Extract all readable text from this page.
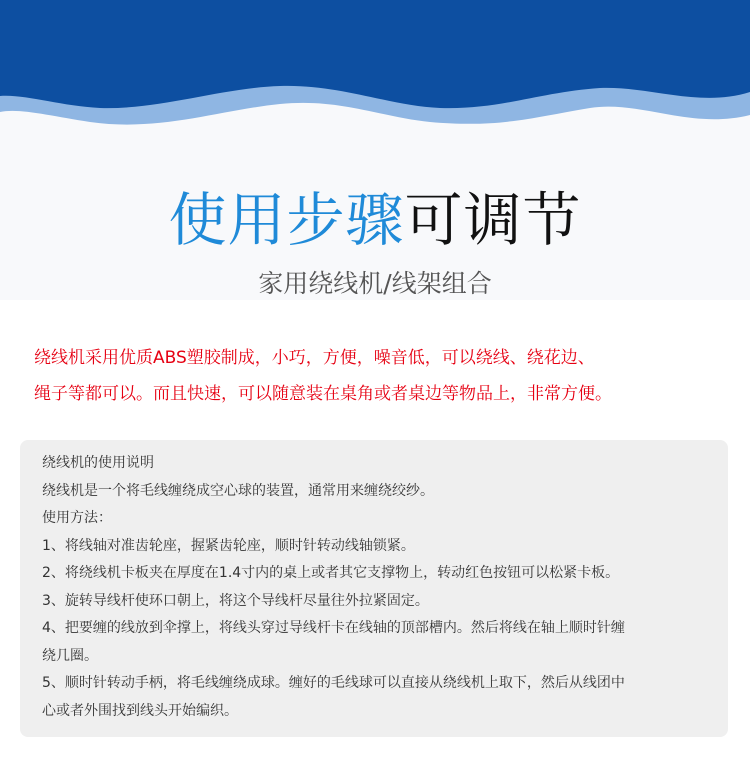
使用步骤可调节
家用绕线机/线架组合

绕线机采用优质ABS塑胶制成，小巧，方便，噪音低，可以绕线、绕花边、

绳子等都可以。而且快速，可以随意装在桌角或者桌边等物品上，非常方便。

绕线机的使用说明

绕线机是一个将毛线缠绕成空心球的装置，通常用来缠绕绞纱。

使用方法：

1、将线轴对准齿轮座，握紧齿轮座，顺时针转动线轴锁紧。

2、将绕线机卡板夹在厚度在1.4寸内的桌上或者其它支撑物上，转动红色按钮可以松紧卡板。

3、旋转导线杆使环口朝上，将这个导线杆尽量往外拉紧固定。

4、把要缠的线放到伞撑上，将线头穿过导线杆卡在线轴的顶部槽内。然后将线在轴上顺时针缠

绕几圈。

5、顺时针转动手柄，将毛线缠绕成球。缠好的毛线球可以直接从绕线机上取下，然后从线团中

心或者外围找到线头开始编织。
